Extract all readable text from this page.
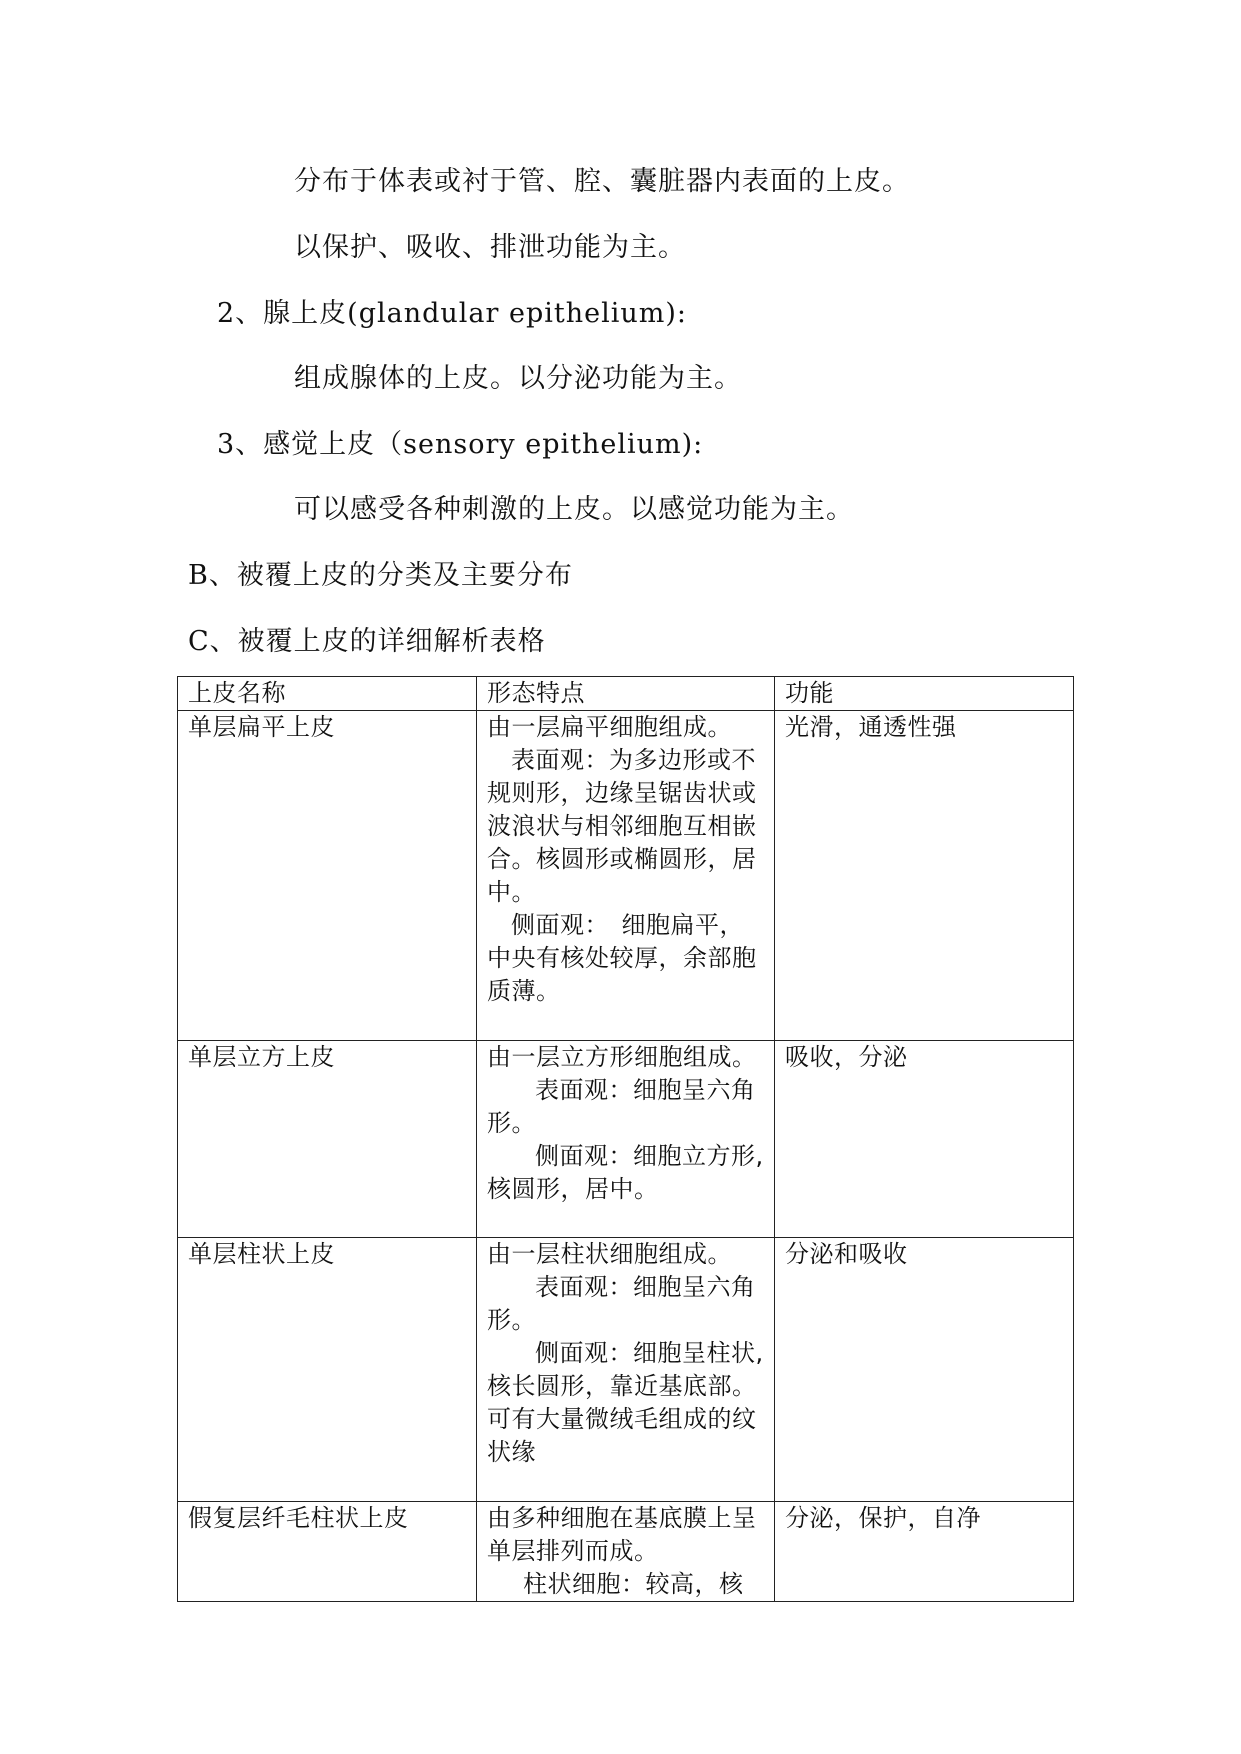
分布于体表或衬于管、腔、囊脏器内表面的上皮。
以保护、吸收、排泄功能为主。
2、腺上皮(glandular epithelium):
组成腺体的上皮。以分泌功能为主。
3、感觉上皮（sensory epithelium):
可以感受各种刺激的上皮。以感觉功能为主。
B、被覆上皮的分类及主要分布
C、被覆上皮的详细解析表格
上皮名称	形态特点	功能
单层扁平上皮	由一层扁平细胞组成。

表面观：为多边形或不规则形，边缘呈锯齿状或波浪状与相邻细胞互相嵌合。核圆形或椭圆形，居中。

侧面观：　细胞扁平，中央有核处较厚，余部胞质薄。	光滑，通透性强
单层立方上皮	由一层立方形细胞组成。

表面观：细胞呈六角形。

侧面观：细胞立方形,核圆形，居中。	吸收，分泌
单层柱状上皮	由一层柱状细胞组成。

表面观：细胞呈六角形。

侧面观：细胞呈柱状,核长圆形，靠近基底部。可有大量微绒毛组成的纹状缘	分泌和吸收
假复层纤毛柱状上皮	由多种细胞在基底膜上呈单层排列而成。

柱状细胞：较高，核	分泌，保护，自净
